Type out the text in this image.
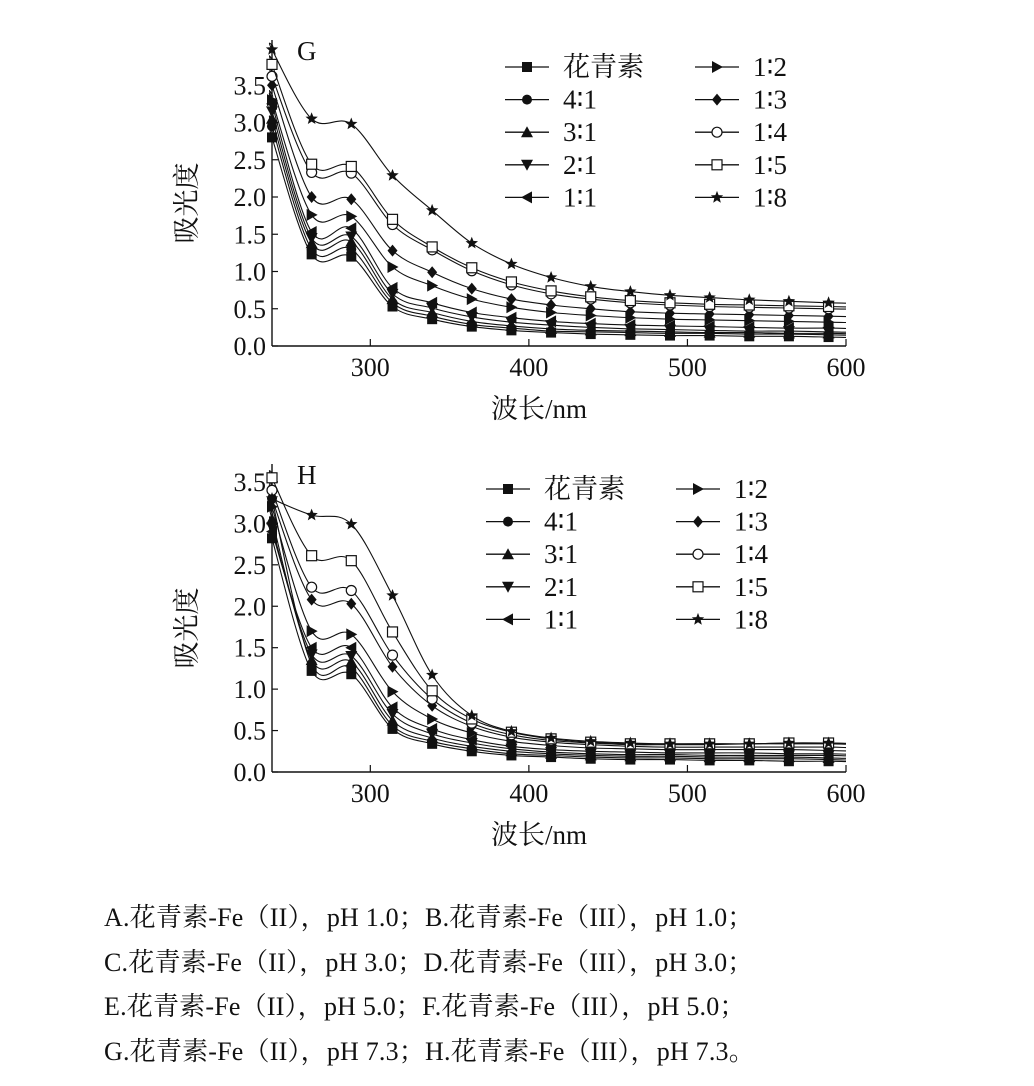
0.0
0.5
1.0
1.5
2.0
2.5
3.0
3.5
300	400	500	600
波长/nm
吸光度
G
花青素
4∶1
3∶1
2∶1
1∶1
1∶2
1∶3
1∶4
1∶5
1∶8
0.0
0.5
1.0
1.5
2.0
2.5
3.0
3.5
300	400	500	600
波长/nm
吸光度
H	花青素
4∶1
3∶1
2∶1
1∶1
1∶2
1∶3
1∶4
1∶5
1∶8
A.花青素-Fe（II），pH 1.0；B.花青素-Fe（III），pH 1.0；
C.花青素-Fe（II），pH 3.0；D.花青素-Fe（III），pH 3.0；
E.花青素-Fe（II），pH 5.0；F.花青素-Fe（III），pH 5.0；
G.花青素-Fe（II），pH 7.3；H.花青素-Fe（III），pH 7.3。
